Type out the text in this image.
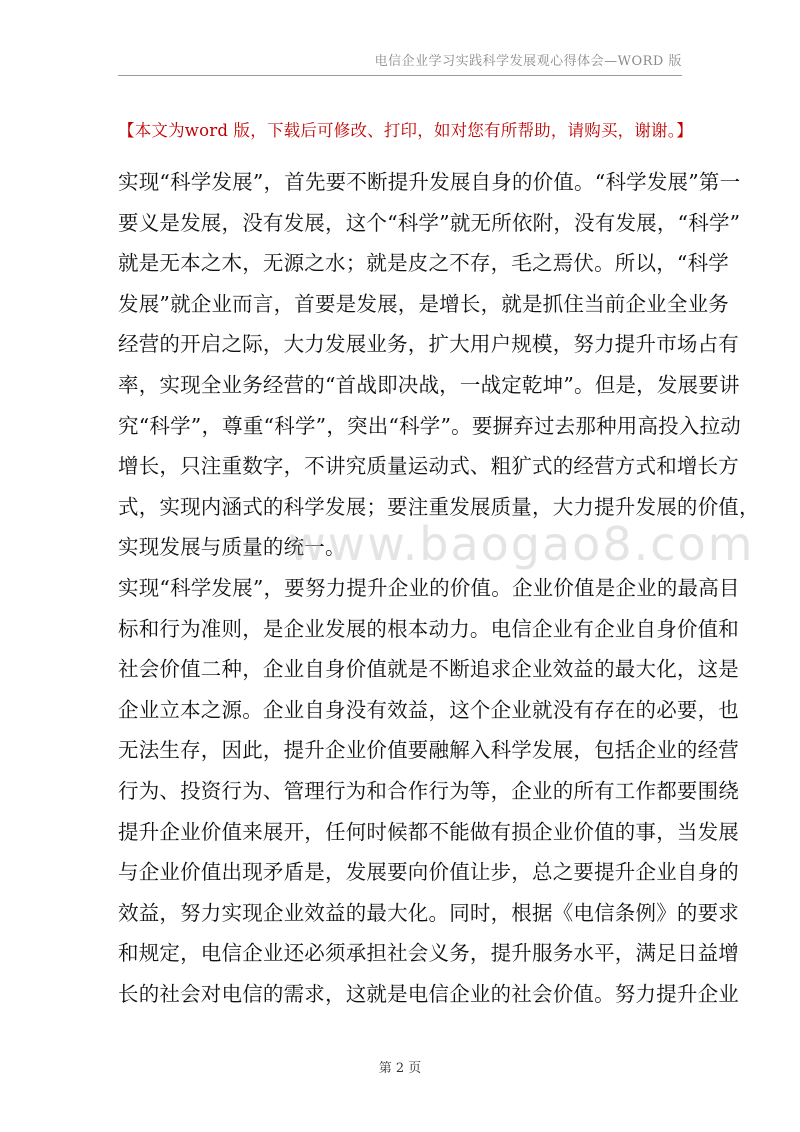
电信企业学习实践科学发展观心得体会—WORD 版
【本文为word 版，下载后可修改、打印，如对您有所帮助，请购买，谢谢。】
实现“科学发展”，首先要不断提升发展自身的价值。“科学发展”第一
要义是发展，没有发展，这个“科学”就无所依附，没有发展，“科学”
就是无本之木，无源之水；就是皮之不存，毛之焉伏。所以，“科学
发展”就企业而言，首要是发展，是增长，就是抓住当前企业全业务
经营的开启之际，大力发展业务，扩大用户规模，努力提升市场占有
率，实现全业务经营的“首战即决战，一战定乾坤”。但是，发展要讲
究“科学”，尊重“科学”，突出“科学”。要摒弃过去那种用高投入拉动
增长，只注重数字，不讲究质量运动式、粗犷式的经营方式和增长方
式，实现内涵式的科学发展；要注重发展质量，大力提升发展的价值，
实现发展与质量的统一。
实现“科学发展”，要努力提升企业的价值。企业价值是企业的最高目
标和行为准则，是企业发展的根本动力。电信企业有企业自身价值和
社会价值二种，企业自身价值就是不断追求企业效益的最大化，这是
企业立本之源。企业自身没有效益，这个企业就没有存在的必要，也
无法生存，因此，提升企业价值要融解入科学发展，包括企业的经营
行为、投资行为、管理行为和合作行为等，企业的所有工作都要围绕
提升企业价值来展开，任何时候都不能做有损企业价值的事，当发展
与企业价值出现矛盾是，发展要向价值让步，总之要提升企业自身的
效益，努力实现企业效益的最大化。同时，根据《电信条例》的要求
和规定，电信企业还必须承担社会义务，提升服务水平，满足日益增
长的社会对电信的需求，这就是电信企业的社会价值。努力提升企业
www.baogao8.com
第 2 页
